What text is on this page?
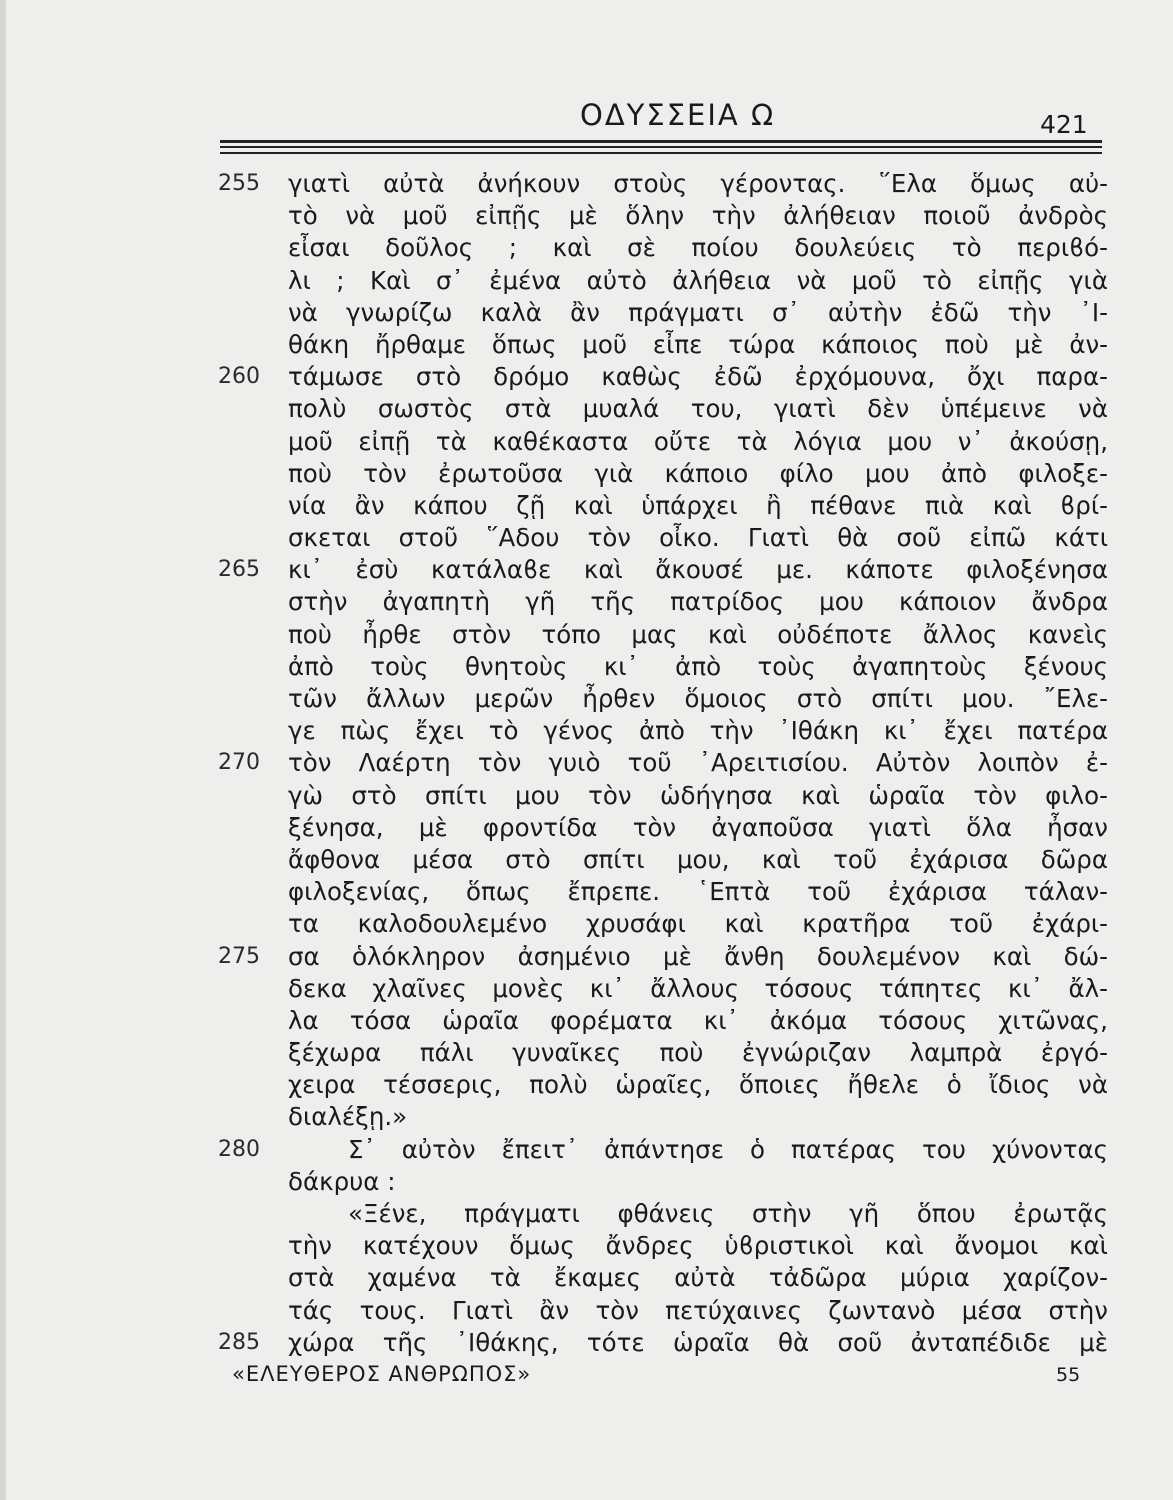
ΟΔΥΣΣΕΙΑ Ω	421
255	γιατὶ αὐτὰ ἀνήκουν στοὺς γέροντας. ῞Ελα ὅμως αὐ-
τὸ νὰ μοῦ εἰπῇς μὲ ὅλην τὴν ἀλήθειαν ποιοῦ ἀνδρὸς
εἶσαι δοῦλος ; καὶ σὲ ποίου δουλεύεις τὸ περιϐό-
λι ; Καὶ σ᾽ ἐμένα αὐτὸ ἀλήθεια νὰ μοῦ τὸ εἰπῇς γιὰ
νὰ γνωρίζω καλὰ ἂν πράγματι σ᾽ αὐτὴν ἐδῶ τὴν ᾽Ι-
θάκη ἤρθαμε ὅπως μοῦ εἶπε τώρα κάποιος ποὺ μὲ ἀν-
260	τάμωσε στὸ δρόμο καθὼς ἐδῶ ἐρχόμουνα, ὄχι παρα-
πολὺ σωστὸς στὰ μυαλά του, γιατὶ δὲν ὑπέμεινε νὰ
μοῦ εἰπῇ τὰ καθέκαστα οὔτε τὰ λόγια μου ν᾽ ἀκούσῃ,
ποὺ τὸν ἐρωτοῦσα γιὰ κάποιο φίλο μου ἀπὸ φιλοξε-
νία ἂν κάπου ζῇ καὶ ὑπάρχει ἢ πέθανε πιὰ καὶ ϐρί-
σκεται στοῦ ῞Αδου τὸν οἶκο. Γιατὶ θὰ σοῦ εἰπῶ κάτι
265	κι᾽ ἐσὺ κατάλαϐε καὶ ἄκουσέ με. κάποτε φιλοξένησα
στὴν ἀγαπητὴ γῆ τῆς πατρίδος μου κάποιον ἄνδρα
ποὺ ἦρθε στὸν τόπο μας καὶ οὐδέποτε ἄλλος κανεὶς
ἀπὸ τοὺς θνητοὺς κι᾽ ἀπὸ τοὺς ἀγαπητοὺς ξένους
τῶν ἄλλων μερῶν ἦρθεν ὅμοιος στὸ σπίτι μου. ῎Ελε-
γε πὼς ἔχει τὸ γένος ἀπὸ τὴν ᾽Ιθάκη κι᾽ ἔχει πατέρα
270	τὸν Λαέρτη τὸν γυιὸ τοῦ ᾽Αρειτισίου. Αὐτὸν λοιπὸν ἐ-
γὼ στὸ σπίτι μου τὸν ὡδήγησα καὶ ὡραῖα τὸν φιλο-
ξένησα, μὲ φροντίδα τὸν ἀγαποῦσα γιατὶ ὅλα ἦσαν
ἄφθονα μέσα στὸ σπίτι μου, καὶ τοῦ ἐχάρισα δῶρα
φιλοξενίας, ὅπως ἔπρεπε. ῾Επτὰ τοῦ ἐχάρισα τάλαν-
τα καλοδουλεμένο χρυσάφι καὶ κρατῆρα τοῦ ἐχάρι-
275	σα ὁλόκληρον ἀσημένιο μὲ ἄνθη δουλεμένον καὶ δώ-
δεκα χλαῖνες μονὲς κι᾽ ἄλλους τόσους τάπητες κι᾽ ἄλ-
λα τόσα ὡραῖα φορέματα κι᾽ ἀκόμα τόσους χιτῶνας,
ξέχωρα πάλι γυναῖκες ποὺ ἐγνώριζαν λαμπρὰ ἐργό-
χειρα τέσσερις, πολὺ ὡραῖες, ὅποιες ἤθελε ὁ ἴδιος νὰ
διαλέξῃ.»
280	Σ᾽ αὐτὸν ἔπειτ᾽ ἀπάντησε ὁ πατέρας του χύνοντας
δάκρυα :
«Ξένε, πράγματι φθάνεις στὴν γῆ ὅπου ἐρωτᾷς
τὴν κατέχουν ὅμως ἄνδρες ὑϐριστικοὶ καὶ ἄνομοι καὶ
στὰ χαμένα τὰ ἔκαμες αὐτὰ τἀδῶρα μύρια χαρίζον-
τάς τους. Γιατὶ ἂν τὸν πετύχαινες ζωντανὸ μέσα στὴν
285	χώρα τῆς ᾽Ιθάκης, τότε ὡραῖα θὰ σοῦ ἀνταπέδιδε μὲ
«ΕΛΕΥΘΕΡΟΣ ΑΝΘΡΩΠΟΣ»	55
